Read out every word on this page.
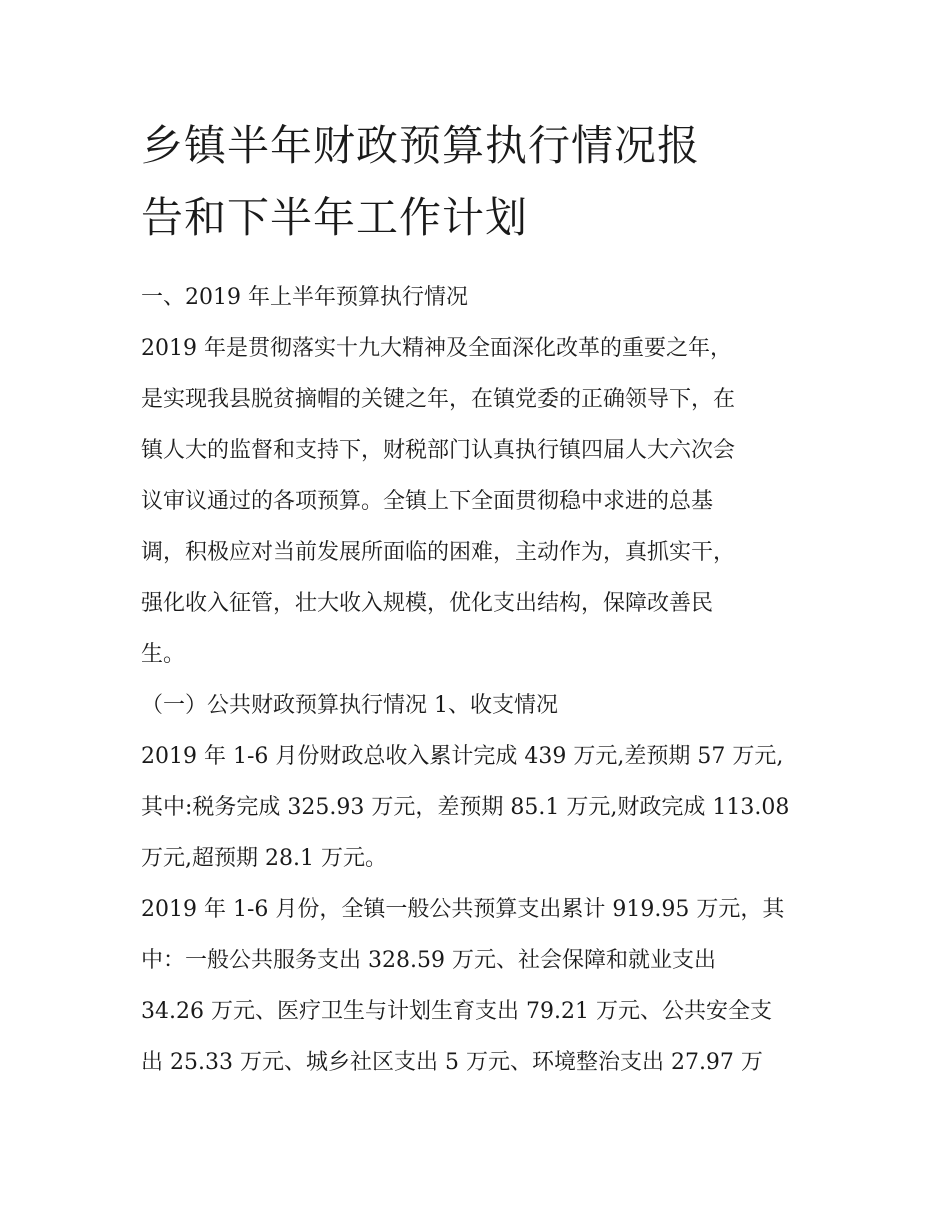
乡镇半年财政预算执行情况报
告和下半年工作计划
一、2019 年上半年预算执行情况
2019 年是贯彻落实十九大精神及全面深化改革的重要之年，
是实现我县脱贫摘帽的关键之年，在镇党委的正确领导下，在
镇人大的监督和支持下，财税部门认真执行镇四届人大六次会
议审议通过的各项预算。全镇上下全面贯彻稳中求进的总基
调，积极应对当前发展所面临的困难，主动作为，真抓实干，
强化收入征管，壮大收入规模，优化支出结构，保障改善民
生。
（一）公共财政预算执行情况 1、收支情况
2019 年 1-6 月份财政总收入累计完成 439 万元,差预期 57 万元,
其中:税务完成 325.93 万元，差预期 85.1 万元,财政完成 113.08
万元,超预期 28.1 万元。
2019 年 1-6 月份，全镇一般公共预算支出累计 919.95 万元，其
中：一般公共服务支出 328.59 万元、社会保障和就业支出
34.26 万元、医疗卫生与计划生育支出 79.21 万元、公共安全支
出 25.33 万元、城乡社区支出 5 万元、环境整治支出 27.97 万
